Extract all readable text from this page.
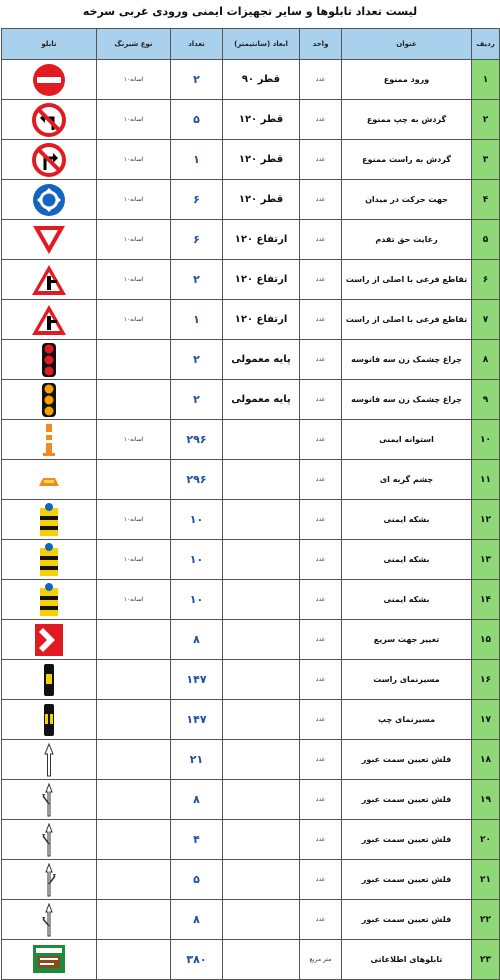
لیست تعداد تابلوها و سایر تجهیزات ایمنی ورودی غربی سرخه
ردیف	عنوان	واحد	ابعاد (سانتیمتر)	تعداد	نوع شبرنگ	تابلو
۱	ورود ممنوع	عدد	قطر ۹۰	۲	اسانه۱۰	

۲	گردش به چپ ممنوع	عدد	قطر ۱۲۰	۵	اسانه۱۰	

۳	گردش به راست ممنوع	عدد	قطر ۱۲۰	۱	اسانه۱۰	

۴	جهت حرکت در میدان	عدد	قطر ۱۲۰	۶	اسانه۱۰	

۵	رعایت حق تقدم	عدد	ارتفاع ۱۲۰	۶	اسانه۱۰	

۶	تقاطع فرعی با اصلی از راست	عدد	ارتفاع ۱۲۰	۲	اسانه۱۰	

۷	تقاطع فرعی با اصلی از راست	عدد	ارتفاع ۱۲۰	۱	اسانه۱۰	

۸	چراغ چشمک زن سه فانوسه	عدد	پایه معمولی	۲		

۹	چراغ چشمک زن سه فانوسه	عدد	پایه معمولی	۲		

۱۰	استوانه ایمنی	عدد		۲۹۶	اسانه۱۰	

۱۱	چشم گربه ای	عدد		۲۹۶		

۱۲	بشکه ایمنی	عدد		۱۰	اسانه۱۰	

۱۳	بشکه ایمنی	عدد		۱۰	اسانه۱۰	

۱۴	بشکه ایمنی	عدد		۱۰	اسانه۱۰	

۱۵	تغییر جهت سریع	عدد		۸		

۱۶	مسیرنمای راست	عدد		۱۴۷		

۱۷	مسیرنمای چپ	عدد		۱۴۷		

۱۸	فلش تعیین سمت عبور	عدد		۲۱		

۱۹	فلش تعیین سمت عبور	عدد		۸		

۲۰	فلش تعیین سمت عبور	عدد		۴		

۲۱	فلش تعیین سمت عبور	عدد		۵		

۲۲	فلش تعیین سمت عبور	عدد		۸		

۲۳	تابلوهای اطلاعاتی	متر مربع		۳۸۰		
